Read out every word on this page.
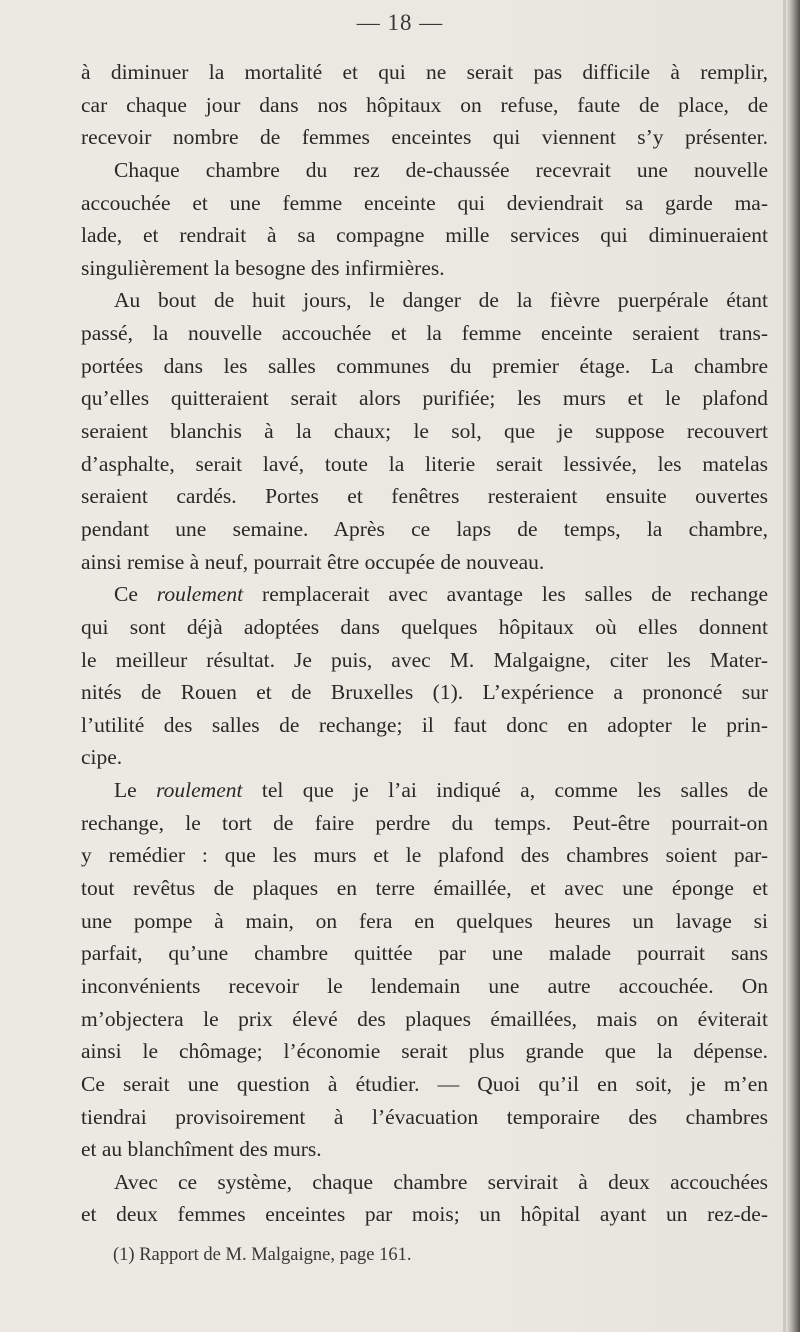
— 18 —
à diminuer la mortalité et qui ne serait pas difficile à remplir,
car chaque jour dans nos hôpitaux on refuse, faute de place, de
recevoir nombre de femmes enceintes qui viennent s’y présenter.
Chaque chambre du rez de-chaussée recevrait une nouvelle
accouchée et une femme enceinte qui deviendrait sa garde ma-
lade, et rendrait à sa compagne mille services qui diminueraient
singulièrement la besogne des infirmières.
Au bout de huit jours, le danger de la fièvre puerpérale étant
passé, la nouvelle accouchée et la femme enceinte seraient trans-
portées dans les salles communes du premier étage. La chambre
qu’elles quitteraient serait alors purifiée; les murs et le plafond
seraient blanchis à la chaux; le sol, que je suppose recouvert
d’asphalte, serait lavé, toute la literie serait lessivée, les matelas
seraient cardés. Portes et fenêtres resteraient ensuite ouvertes
pendant une semaine. Après ce laps de temps, la chambre,
ainsi remise à neuf, pourrait être occupée de nouveau.
Ce roulement remplacerait avec avantage les salles de rechange
qui sont déjà adoptées dans quelques hôpitaux où elles donnent
le meilleur résultat. Je puis, avec M. Malgaigne, citer les Mater-
nités de Rouen et de Bruxelles (1). L’expérience a prononcé sur
l’utilité des salles de rechange; il faut donc en adopter le prin-
cipe.
Le roulement tel que je l’ai indiqué a, comme les salles de
rechange, le tort de faire perdre du temps. Peut-être pourrait-on
y remédier : que les murs et le plafond des chambres soient par-
tout revêtus de plaques en terre émaillée, et avec une éponge et
une pompe à main, on fera en quelques heures un lavage si
parfait, qu’une chambre quittée par une malade pourrait sans
inconvénients recevoir le lendemain une autre accouchée. On
m’objectera le prix élevé des plaques émaillées, mais on éviterait
ainsi le chômage; l’économie serait plus grande que la dépense.
Ce serait une question à étudier. — Quoi qu’il en soit, je m’en
tiendrai provisoirement à l’évacuation temporaire des chambres
et au blanchîment des murs.
Avec ce système, chaque chambre servirait à deux accouchées
et deux femmes enceintes par mois; un hôpital ayant un rez-de-
(1) Rapport de M. Malgaigne, page 161.
